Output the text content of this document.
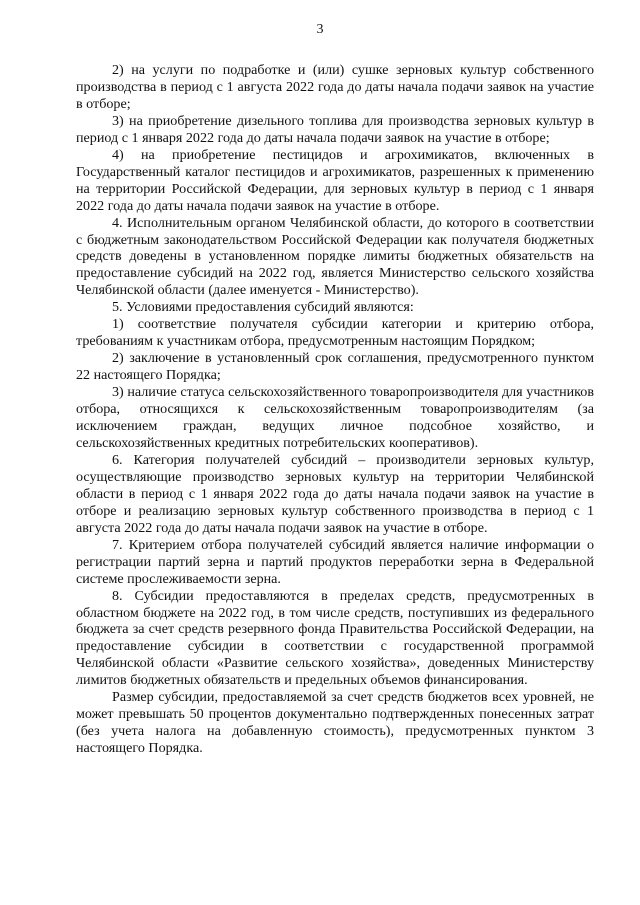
3

2) на услуги по подработке и (или) сушке зерновых культур собственного производства в период с 1 августа 2022 года до даты начала подачи заявок на участие в отборе;

3) на приобретение дизельного топлива для производства зерновых культур в период с 1 января 2022 года до даты начала подачи заявок на участие в отборе;

4) на приобретение пестицидов и агрохимикатов, включенных в Государственный каталог пестицидов и агрохимикатов, разрешенных к применению на территории Российской Федерации, для зерновых культур в период с 1 января 2022 года до даты начала подачи заявок на участие в отборе.

4. Исполнительным органом Челябинской области, до которого в соответствии с бюджетным законодательством Российской Федерации как получателя бюджетных средств доведены в установленном порядке лимиты бюджетных обязательств на предоставление субсидий на 2022 год, является Министерство сельского хозяйства Челябинской области (далее именуется - Министерство).

5. Условиями предоставления субсидий являются:

1) соответствие получателя субсидии категории и критерию отбора, требованиям к участникам отбора, предусмотренным настоящим Порядком;

2) заключение в установленный срок соглашения, предусмотренного пунктом 22 настоящего Порядка;

3) наличие статуса сельскохозяйственного товаропроизводителя для участников отбора, относящихся к сельскохозяйственным товаропроизводителям (за исключением граждан, ведущих личное подсобное хозяйство, и сельскохозяйственных кредитных потребительских кооперативов).

6. Категория получателей субсидий – производители зерновых культур, осуществляющие производство зерновых культур на территории Челябинской области в период с 1 января 2022 года до даты начала подачи заявок на участие в отборе и реализацию зерновых культур собственного производства в период с 1 августа 2022 года до даты начала подачи заявок на участие в отборе.

7. Критерием отбора получателей субсидий является наличие информации о регистрации партий зерна и партий продуктов переработки зерна в Федеральной системе прослеживаемости зерна.

8. Субсидии предоставляются в пределах средств, предусмотренных в областном бюджете на 2022 год, в том числе средств, поступивших из федерального бюджета за счет средств резервного фонда Правительства Российской Федерации, на предоставление субсидии в соответствии с государственной программой Челябинской области «Развитие сельского хозяйства», доведенных Министерству лимитов бюджетных обязательств и предельных объемов финансирования.

Размер субсидии, предоставляемой за счет средств бюджетов всех уровней, не может превышать 50 процентов документально подтвержденных понесенных затрат (без учета налога на добавленную стоимость), предусмотренных пунктом 3 настоящего Порядка.
